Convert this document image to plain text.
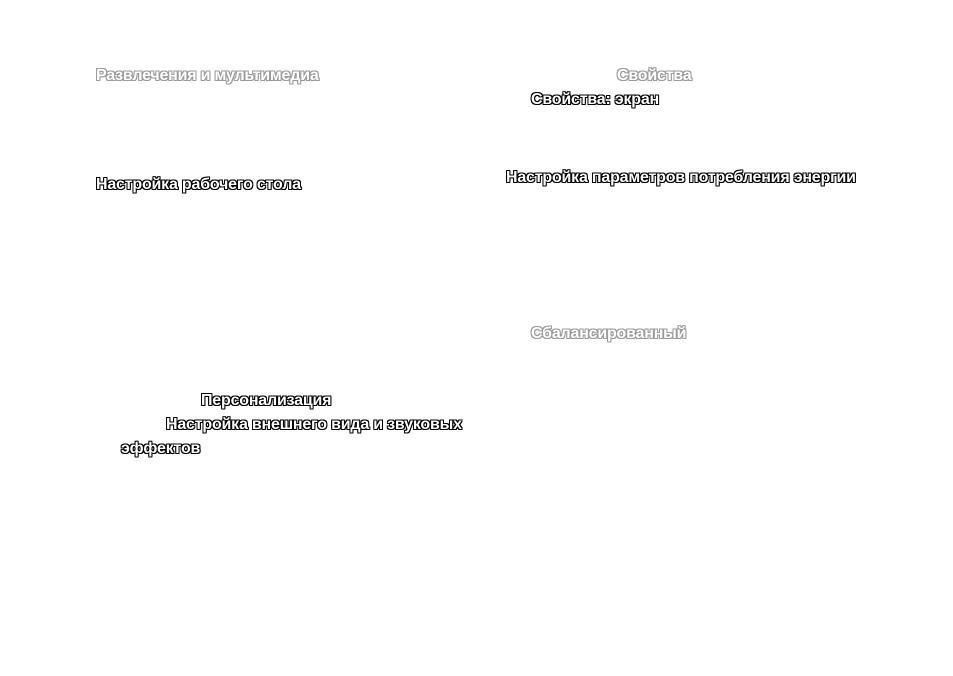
Развлечения и мультимедиа
Настройка рабочего стола
Персонализация
Настройка внешнего вида и звуковых
эффектов
Свойства
Свойства: экран
Настройка параметров потребления энергии
Сбалансированный
